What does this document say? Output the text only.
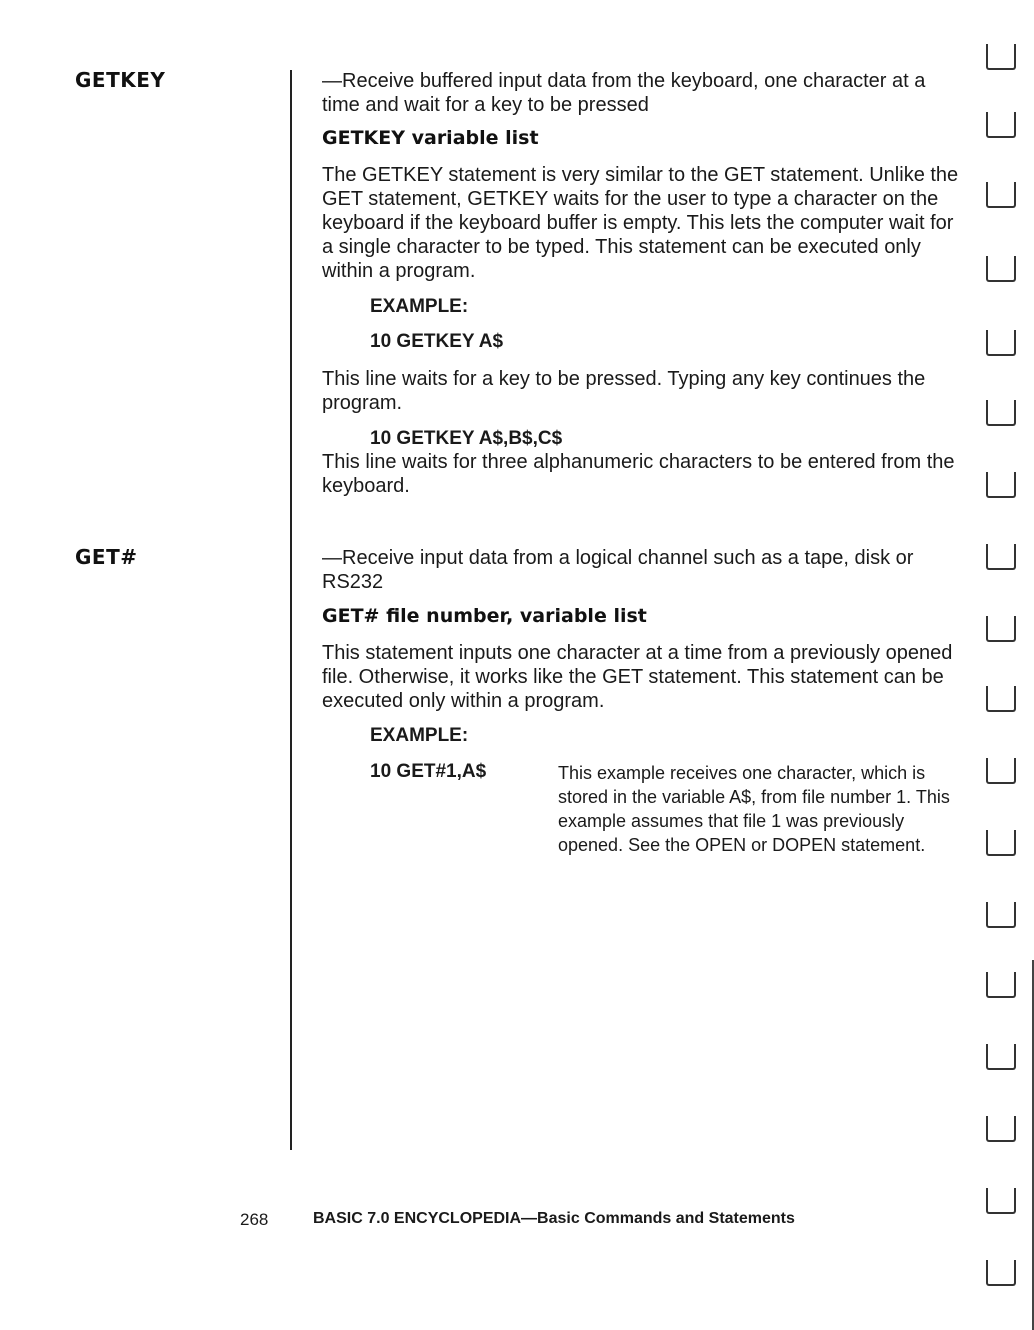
GETKEY
GET#

—Receive buffered input data from the keyboard, one character at a time and wait for a key to be pressed

GETKEY variable list

The GETKEY statement is very similar to the GET statement. Unlike the GET statement, GETKEY waits for the user to type a character on the keyboard if the keyboard buffer is empty. This lets the computer wait for a single character to be typed. This statement can be executed only within a program.

EXAMPLE:
10 GETKEY A$

This line waits for a key to be pressed. Typing any key continues the program.

10 GETKEY A$,B$,C$

This line waits for three alphanumeric characters to be entered from the keyboard.

—Receive input data from a logical channel such as a tape, disk or RS232

GET# file number, variable list

This statement inputs one character at a time from a previously opened file. Otherwise, it works like the GET statement. This statement can be executed only within a program.

EXAMPLE:
10 GET#1,A$	This example receives one character, which is stored in the variable A$, from file number 1. This example assumes that file 1 was previously opened. See the OPEN or DOPEN statement.

268	BASIC 7.0 ENCYCLOPEDIA—Basic Commands and Statements
